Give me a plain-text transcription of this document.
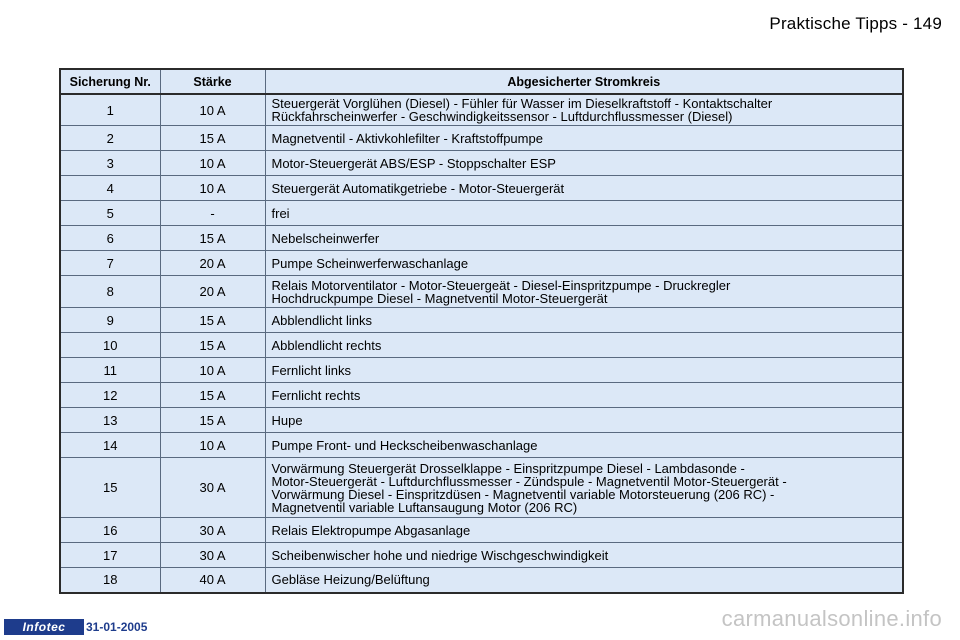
Praktische Tipps - 149
Sicherung Nr.	Stärke	Abgesicherter Stromkreis
1	10 A	Steuergerät Vorglühen (Diesel) - Fühler für Wasser im Dieselkraftstoff - Kontaktschalter
Rückfahrscheinwerfer - Geschwindigkeitssensor - Luftdurchflussmesser (Diesel)
2	15 A	Magnetventil - Aktivkohlefilter - Kraftstoffpumpe
3	10 A	Motor-Steuergerät ABS/ESP - Stoppschalter ESP
4	10 A	Steuergerät Automatikgetriebe - Motor-Steuergerät
5	-	frei
6	15 A	Nebelscheinwerfer
7	20 A	Pumpe Scheinwerferwaschanlage
8	20 A	Relais Motorventilator - Motor-Steuergeät - Diesel-Einspritzpumpe - Druckregler
Hochdruckpumpe Diesel - Magnetventil Motor-Steuergerät
9	15 A	Abblendlicht links
10	15 A	Abblendlicht rechts
11	10 A	Fernlicht links
12	15 A	Fernlicht rechts
13	15 A	Hupe
14	10 A	Pumpe Front- und Heckscheibenwaschanlage
15	30 A	Vorwärmung Steuergerät Drosselklappe - Einspritzpumpe Diesel - Lambdasonde -
Motor-Steuergerät - Luftdurchflussmesser - Zündspule - Magnetventil Motor-Steuergerät -
Vorwärmung Diesel - Einspritzdüsen - Magnetventil variable Motorsteuerung (206 RC) -
Magnetventil variable Luftansaugung Motor (206 RC)
16	30 A	Relais Elektropumpe Abgasanlage
17	30 A	Scheibenwischer hohe und niedrige Wischgeschwindigkeit
18	40 A	Gebläse Heizung/Belüftung
Infotec	31-01-2005	carmanualsonline.info
